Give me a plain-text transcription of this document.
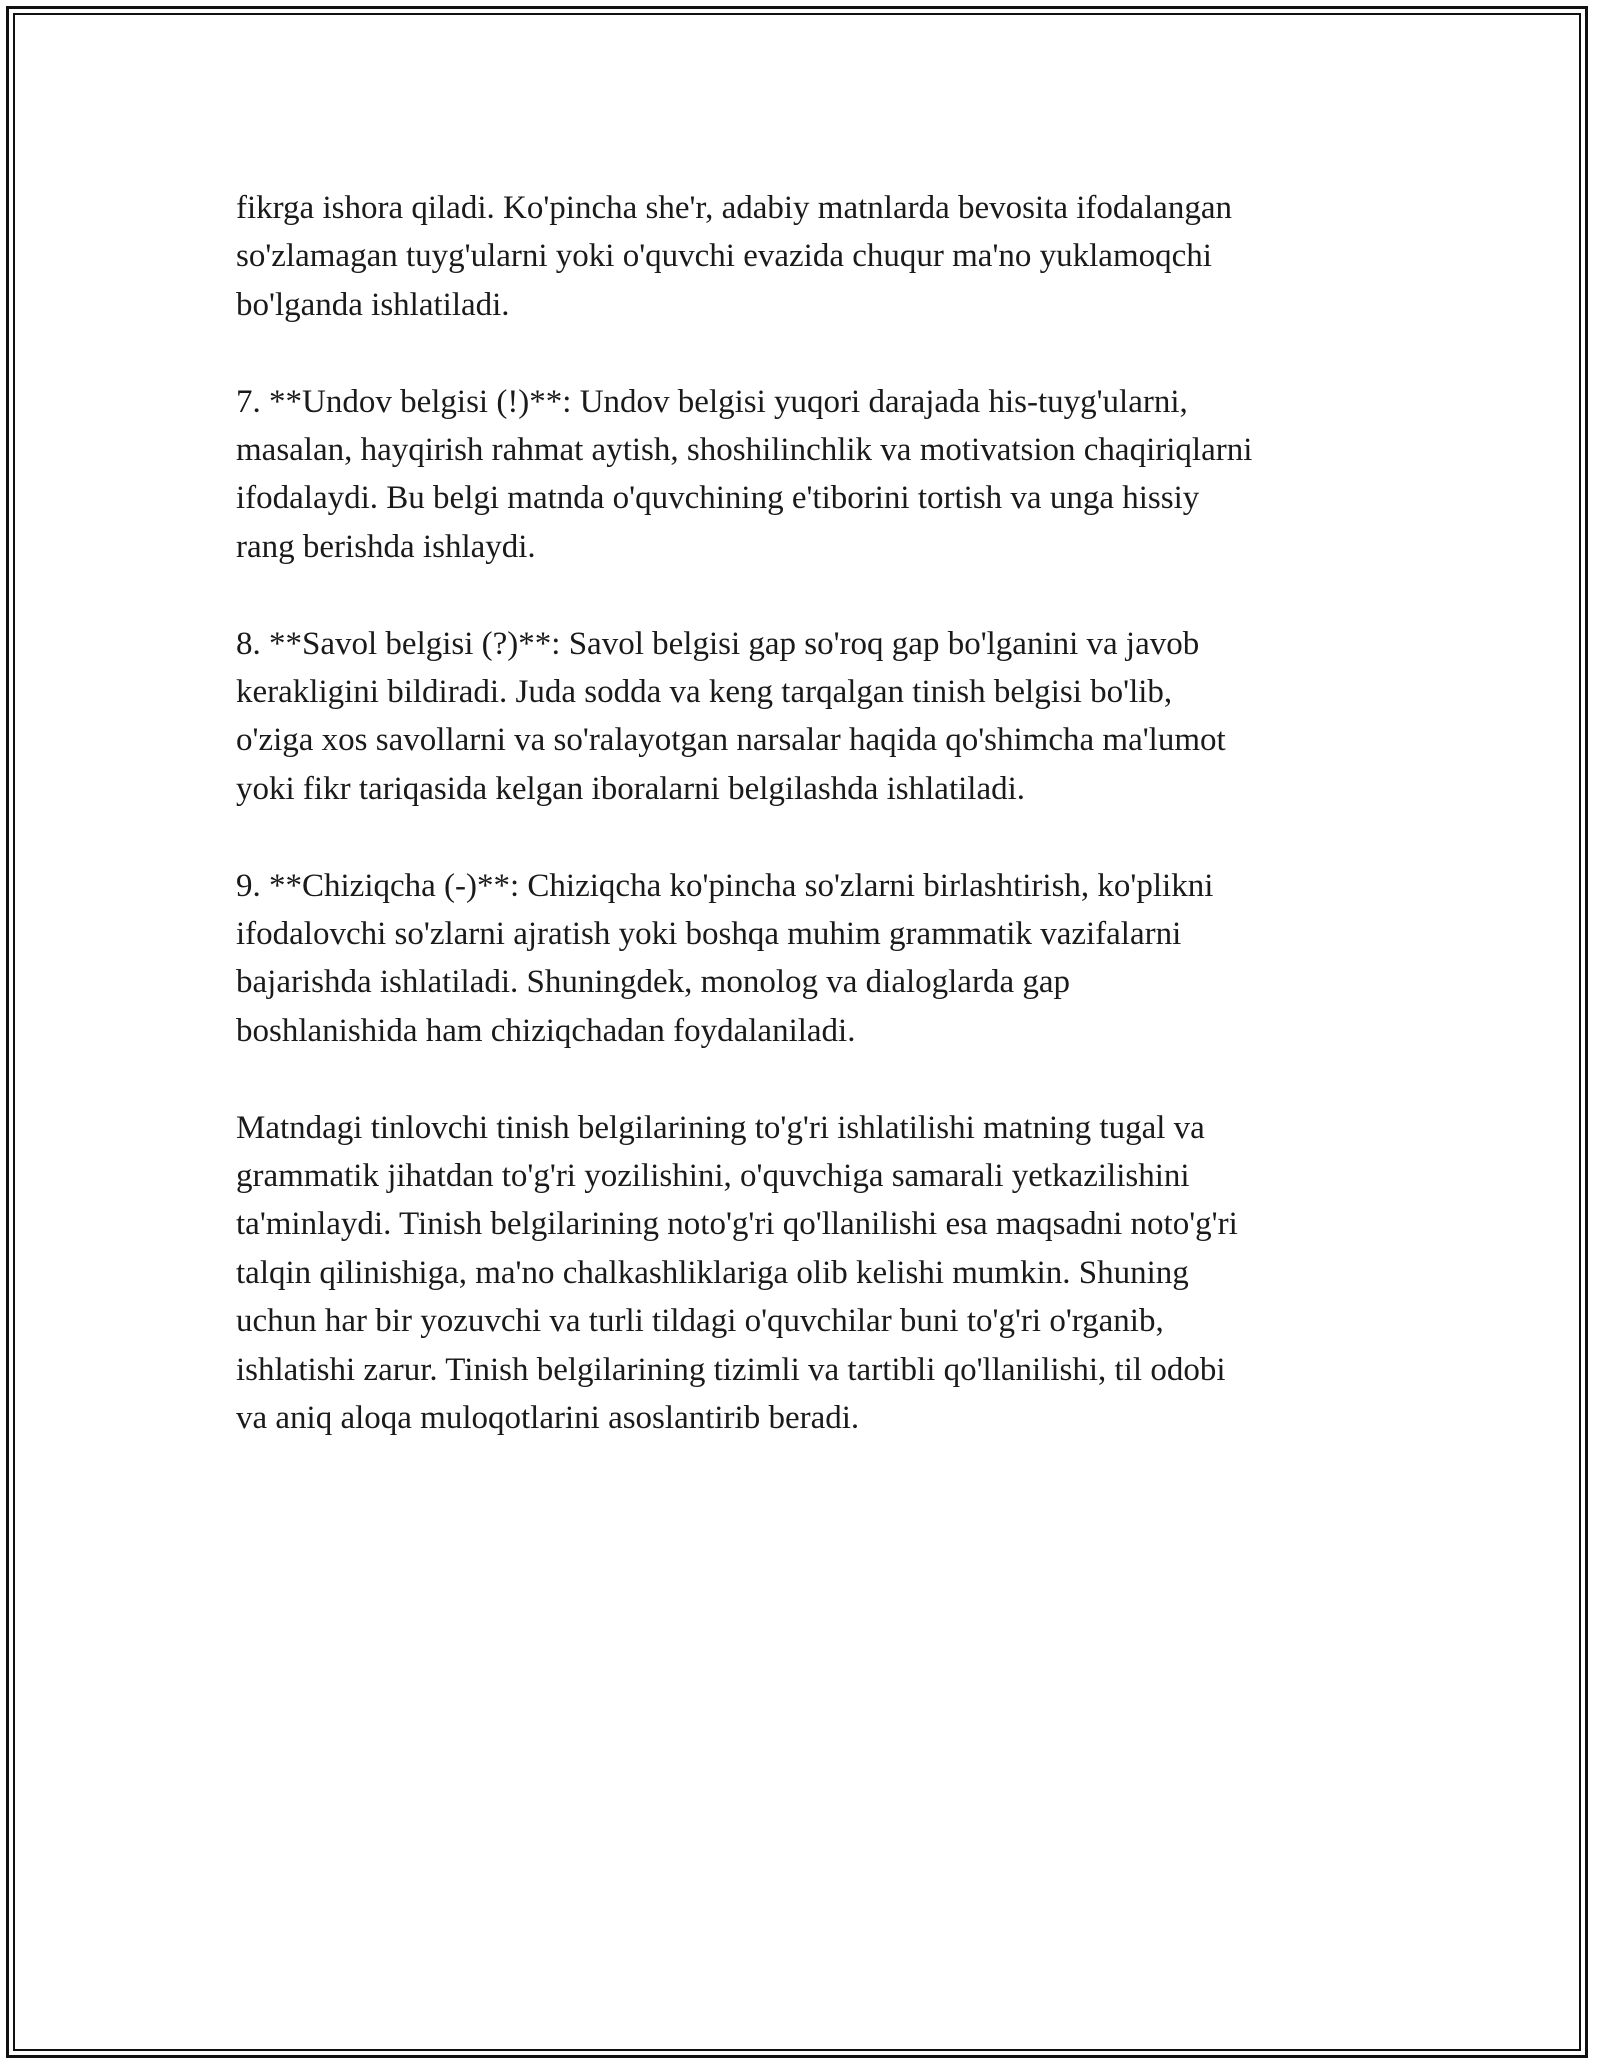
fikrga ishora qiladi. Ko'pincha she'r, adabiy matnlarda bevosita ifodalangan
so'zlamagan tuyg'ularni yoki o'quvchi evazida chuqur ma'no yuklamoqchi
bo'lganda ishlatiladi.

7. **Undov belgisi (!)**: Undov belgisi yuqori darajada his-tuyg'ularni,
masalan, hayqirish rahmat aytish, shoshilinchlik va motivatsion chaqiriqlarni
ifodalaydi. Bu belgi matnda o'quvchining e'tiborini tortish va unga hissiy
rang berishda ishlaydi.

8. **Savol belgisi (?)**: Savol belgisi gap so'roq gap bo'lganini va javob
kerakligini bildiradi. Juda sodda va keng tarqalgan tinish belgisi bo'lib,
o'ziga xos savollarni va so'ralayotgan narsalar haqida qo'shimcha ma'lumot
yoki fikr tariqasida kelgan iboralarni belgilashda ishlatiladi.

9. **Chiziqcha (-)**: Chiziqcha ko'pincha so'zlarni birlashtirish, ko'plikni
ifodalovchi so'zlarni ajratish yoki boshqa muhim grammatik vazifalarni
bajarishda ishlatiladi. Shuningdek, monolog va dialoglarda gap
boshlanishida ham chiziqchadan foydalaniladi.

Matndagi tinlovchi tinish belgilarining to'g'ri ishlatilishi matning tugal va
grammatik jihatdan to'g'ri yozilishini, o'quvchiga samarali yetkazilishini
ta'minlaydi. Tinish belgilarining noto'g'ri qo'llanilishi esa maqsadni noto'g'ri
talqin qilinishiga, ma'no chalkashliklariga olib kelishi mumkin. Shuning
uchun har bir yozuvchi va turli tildagi o'quvchilar buni to'g'ri o'rganib,
ishlatishi zarur. Tinish belgilarining tizimli va tartibli qo'llanilishi, til odobi
va aniq aloqa muloqotlarini asoslantirib beradi.
